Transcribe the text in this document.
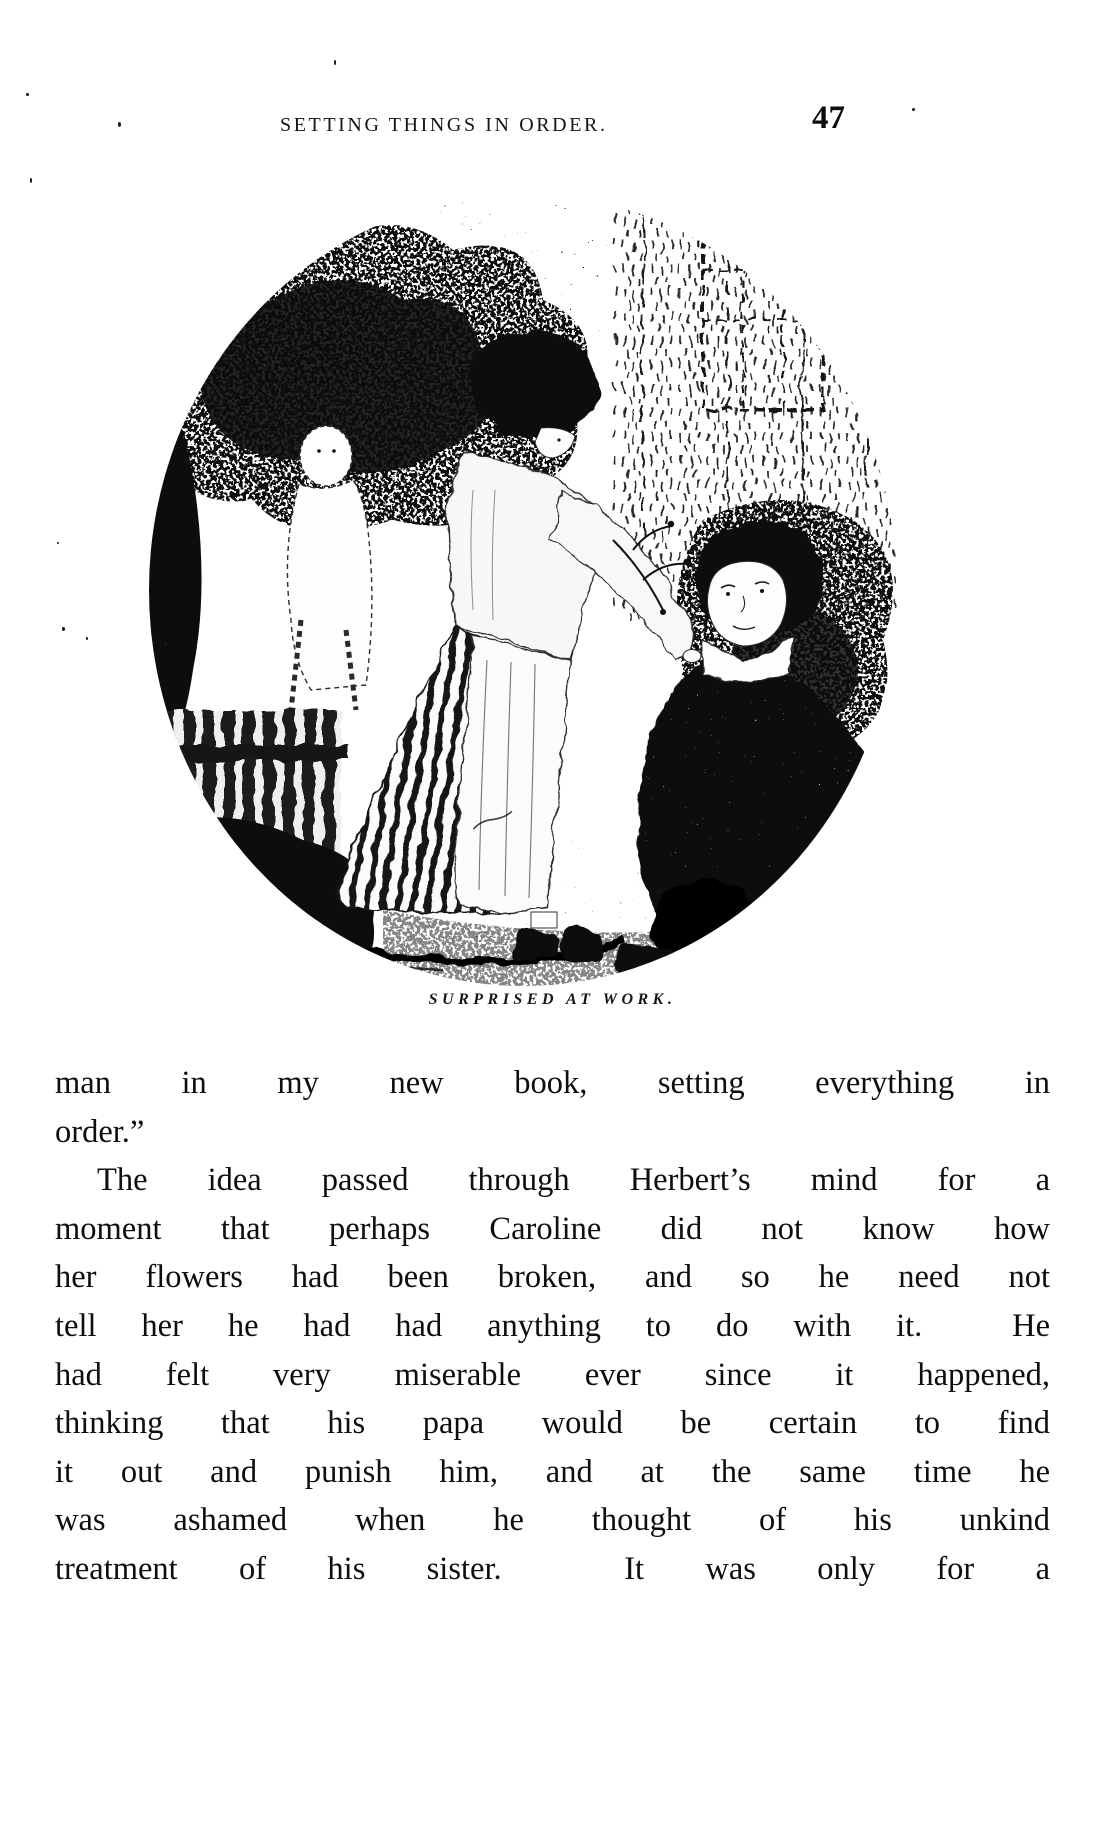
SETTING THINGS IN ORDER.	47
SURPRISED AT WORK.
man in my new book, setting everything in
order.”
The idea passed through Herbert’s mind for a
moment that perhaps Caroline did not know how
her flowers had been broken, and so he need not
tell her he had had anything to do with it.  He
had felt very miserable ever since it happened,
thinking that his papa would be certain to find
it out and punish him, and at the same time he
was ashamed when he thought of his unkind
treatment of his sister.  It was only for a
